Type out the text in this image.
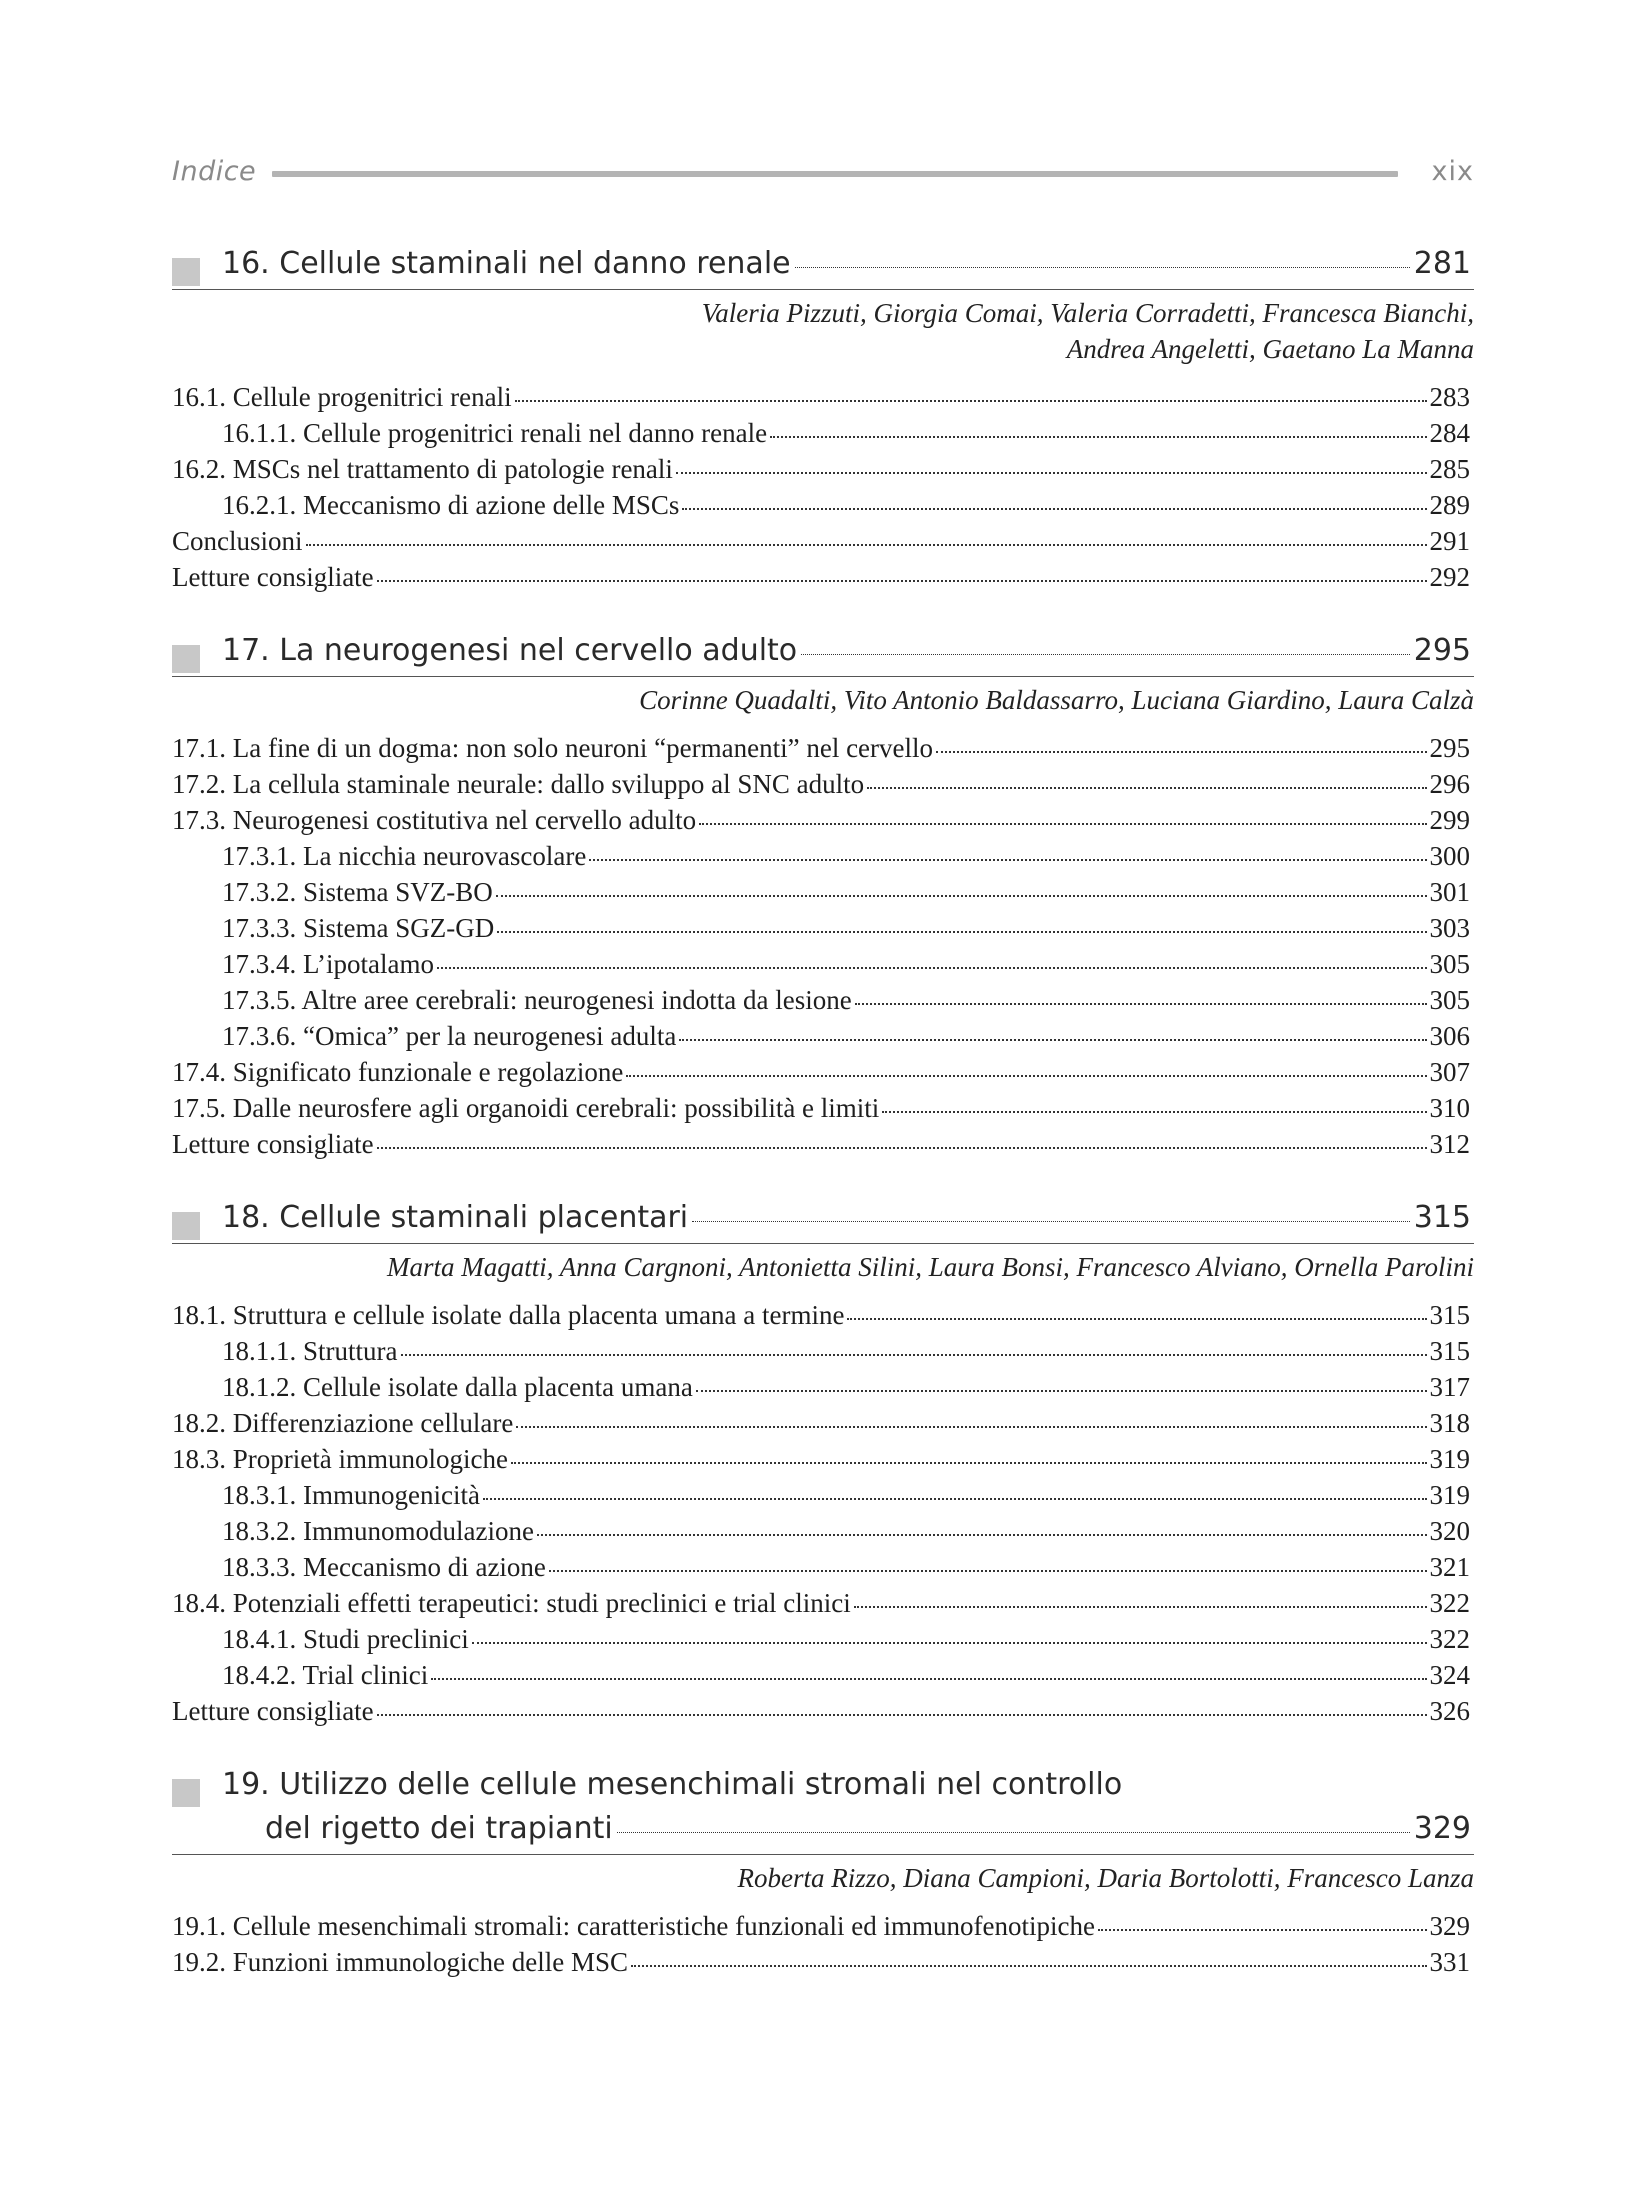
Indice	xix
16. Cellule staminali nel danno renale	281
Valeria Pizzuti, Giorgia Comai, Valeria Corradetti, Francesca Bianchi,
Andrea Angeletti, Gaetano La Manna
16.1. Cellule progenitrici renali	283
16.1.1. Cellule progenitrici renali nel danno renale	284
16.2. MSCs nel trattamento di patologie renali	285
16.2.1. Meccanismo di azione delle MSCs	289
Conclusioni	291
Letture consigliate	292
17. La neurogenesi nel cervello adulto	295
Corinne Quadalti, Vito Antonio Baldassarro, Luciana Giardino, Laura Calzà
17.1. La fine di un dogma: non solo neuroni “permanenti” nel cervello	295
17.2. La cellula staminale neurale: dallo sviluppo al SNC adulto	296
17.3. Neurogenesi costitutiva nel cervello adulto	299
17.3.1. La nicchia neurovascolare	300
17.3.2. Sistema SVZ-BO	301
17.3.3. Sistema SGZ-GD	303
17.3.4. L’ipotalamo	305
17.3.5. Altre aree cerebrali: neurogenesi indotta da lesione	305
17.3.6. “Omica” per la neurogenesi adulta	306
17.4. Significato funzionale e regolazione	307
17.5. Dalle neurosfere agli organoidi cerebrali: possibilità e limiti	310
Letture consigliate	312
18. Cellule staminali placentari	315
Marta Magatti, Anna Cargnoni, Antonietta Silini, Laura Bonsi, Francesco Alviano, Ornella Parolini
18.1. Struttura e cellule isolate dalla placenta umana a termine	315
18.1.1. Struttura	315
18.1.2. Cellule isolate dalla placenta umana	317
18.2. Differenziazione cellulare	318
18.3. Proprietà immunologiche	319
18.3.1. Immunogenicità	319
18.3.2. Immunomodulazione	320
18.3.3. Meccanismo di azione	321
18.4. Potenziali effetti terapeutici: studi preclinici e trial clinici	322
18.4.1. Studi preclinici	322
18.4.2. Trial clinici	324
Letture consigliate	326
19. Utilizzo delle cellule mesenchimali stromali nel controllo
del rigetto dei trapianti	329
Roberta Rizzo, Diana Campioni, Daria Bortolotti, Francesco Lanza
19.1. Cellule mesenchimali stromali: caratteristiche funzionali ed immunofenotipiche	329
19.2. Funzioni immunologiche delle MSC	331
